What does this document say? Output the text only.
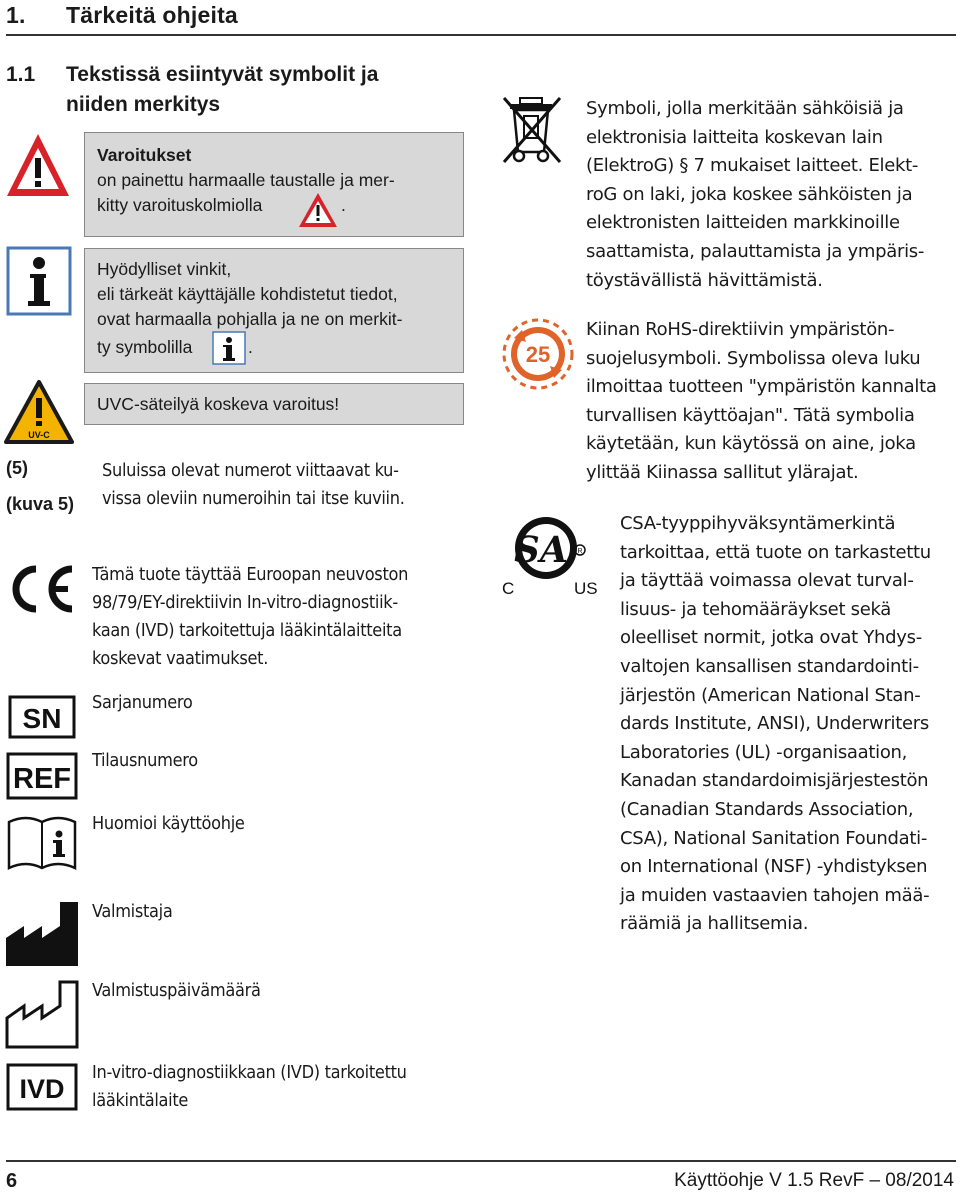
1. Tärkeitä ohjeita
1.1 Tekstissä esiintyvät symbolit ja
niiden merkitys
Varoitukset
on painettu harmaalle taustalle ja mer-
kitty varoituskolmiolla	.
Hyödylliset vinkit,
eli tärkeät käyttäjälle kohdistetut tiedot,
ovat harmaalla pohjalla ja ne on merkit-
ty symbolilla	.
UV-C
UVC-säteilyä koskeva varoitus!
(5)
(kuva 5)
Suluissa olevat numerot viittaavat ku-
vissa oleviin numeroihin tai itse kuviin.
Tämä tuote täyttää Euroopan neuvoston
98/79/EY-direktiivin In-vitro-diagnostiik-
kaan (IVD) tarkoitettuja lääkintälaitteita
koskevat vaatimukset.
SN
Sarjanumero
REF
Tilausnumero
Huomioi käyttöohje
Valmistaja
Valmistuspäivämäärä
IVD
In-vitro-diagnostiikkaan (IVD) tarkoitettu
lääkintälaite
Symboli, jolla merkitään sähköisiä ja
elektronisia laitteita koskevan lain
(ElektroG) § 7 mukaiset laitteet. Elekt-
roG on laki, joka koskee sähköisten ja
elektronisten laitteiden markkinoille
saattamista, palauttamista ja ympäris-
töystävällistä hävittämistä.
25
Kiinan RoHS-direktiivin ympäristön-
suojelusymboli. Symbolissa oleva luku
ilmoittaa tuotteen "ympäristön kannalta
turvallisen käyttöajan". Tätä symbolia
käytetään, kun käytössä on aine, joka
ylittää Kiinassa sallitut ylärajat.
SA R
C	US
CSA-tyyppihyväksyntämerkintä
tarkoittaa, että tuote on tarkastettu
ja täyttää voimassa olevat turval-
lisuus- ja tehomääräykset sekä
oleelliset normit, jotka ovat Yhdys-
valtojen kansallisen standardointi-
järjestön (American National Stan-
dards Institute, ANSI), Underwriters
Laboratories (UL) -organisaation,
Kanadan standardoimisjärjestestön
(Canadian Standards Association,
CSA), National Sanitation Foundati-
on International (NSF) -yhdistyksen
ja muiden vastaavien tahojen mää-
räämiä ja hallitsemia.
6	Käyttöohje V 1.5 RevF – 08/2014
